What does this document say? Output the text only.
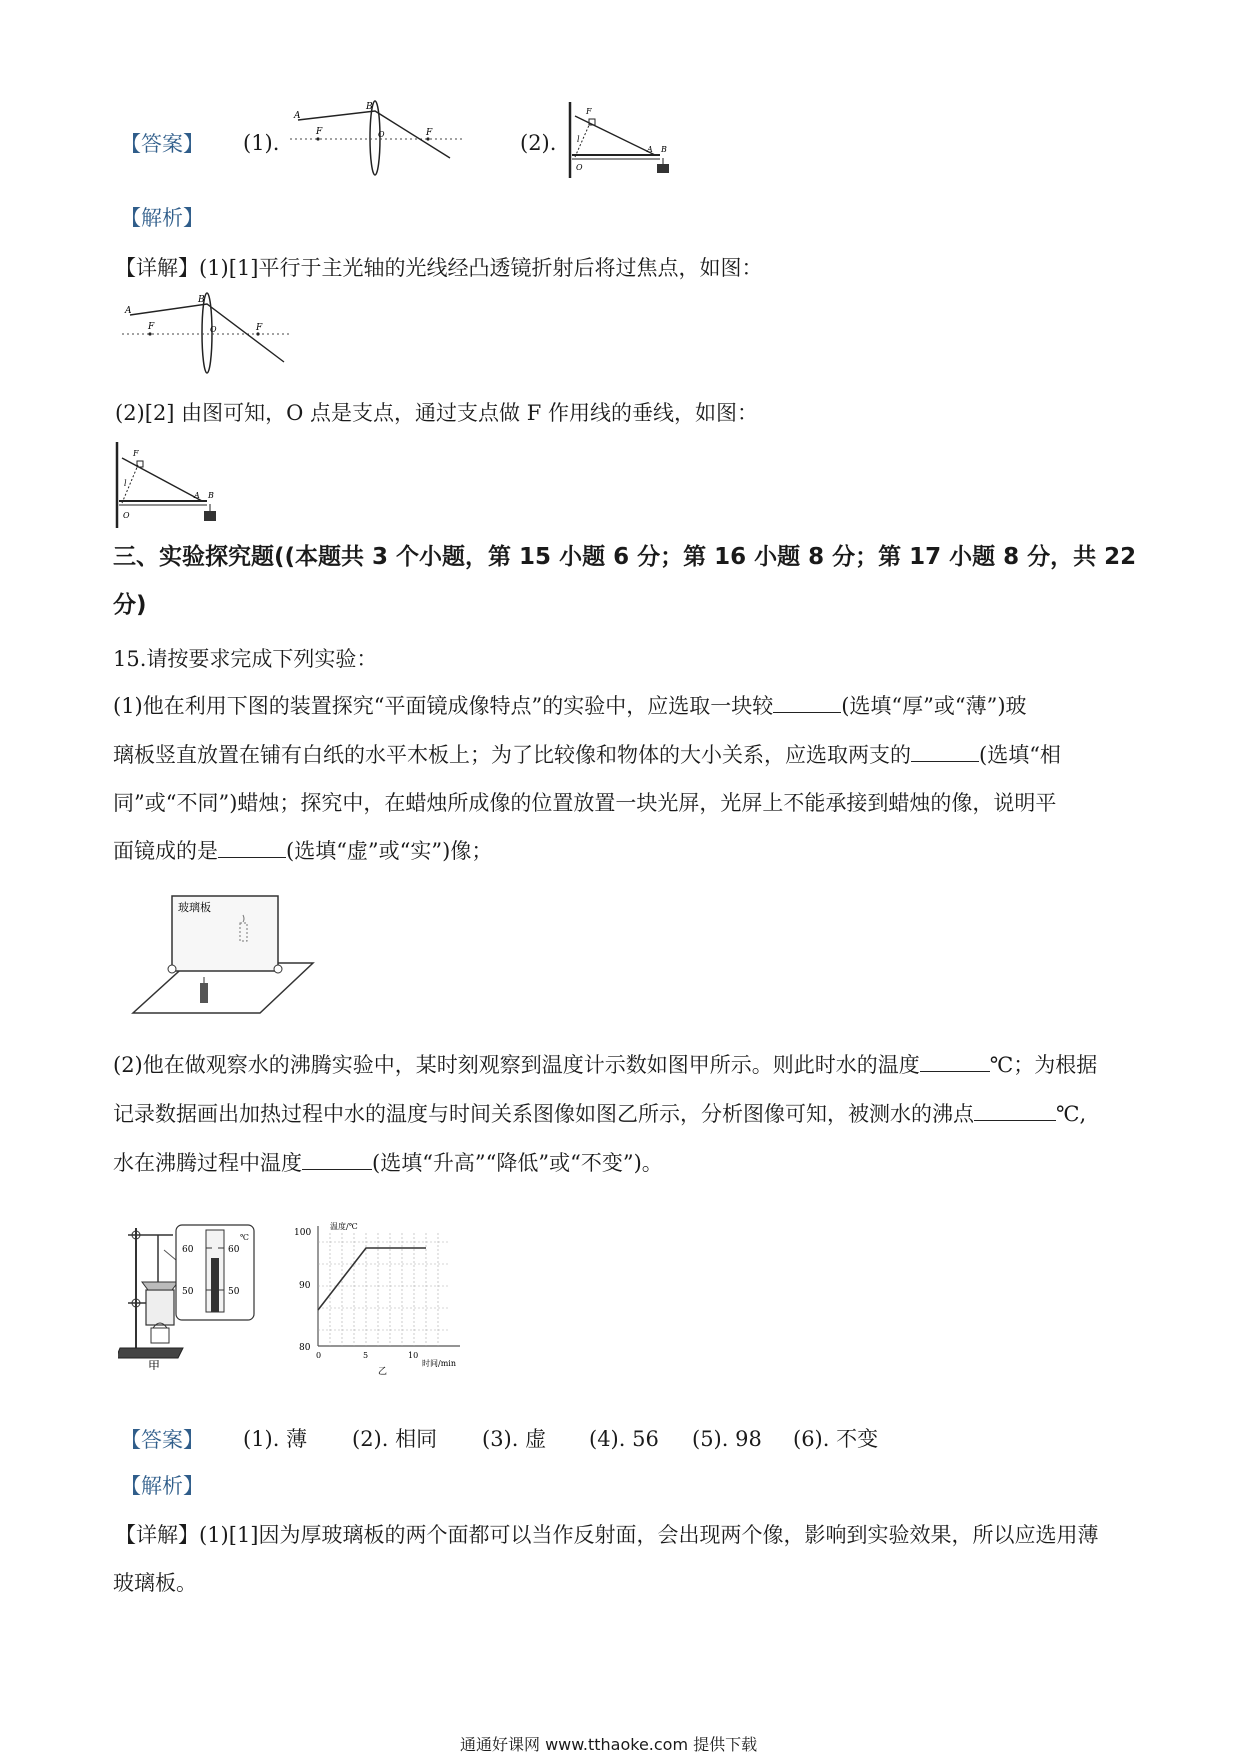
【答案】 (1).
A
B
F	O	F	(2).
F
l
O
A B
【解析】
【详解】(1)[1]平行于主光轴的光线经凸透镜折射后将过焦点，如图：
A
B
F	O	F
(2)[2] 由图可知，O 点是支点，通过支点做 F 作用线的垂线，如图：
F
l
O
A B
三、实验探究题((本题共 3 个小题，第 15 小题 6 分；第 16 小题 8 分；第 17 小题 8 分，共 22
分)
15.请按要求完成下列实验：
(1)他在利用下图的装置探究“平面镜成像特点”的实验中，应选取一块较	(选填“厚”或“薄”)玻
璃板竖直放置在铺有白纸的水平木板上；为了比较像和物体的大小关系，应选取两支的	(选填“相
同”或“不同”)蜡烛；探究中，在蜡烛所成像的位置放置一块光屏，光屏上不能承接到蜡烛的像，说明平
面镜成的是	(选填“虚”或“实”)像；
玻璃板
(2)他在做观察水的沸腾实验中，某时刻观察到温度计示数如图甲所示。则此时水的温度	℃；为根据
记录数据画出加热过程中水的温度与时间关系图像如图乙所示，分析图像可知，被测水的沸点	℃,
水在沸腾过程中温度	(选填“升高”“降低”或“不变”)。
甲
60
50
60
50
℃
温度/℃
100
90
80
0	5	10
时间/min
乙
【答案】 (1). 薄 (2). 相同 (3). 虚 (4). 56 (5). 98 (6). 不变
【解析】
【详解】(1)[1]因为厚玻璃板的两个面都可以当作反射面，会出现两个像，影响到实验效果，所以应选用薄
玻璃板。
通通好课网 www.tthaoke.com 提供下载
